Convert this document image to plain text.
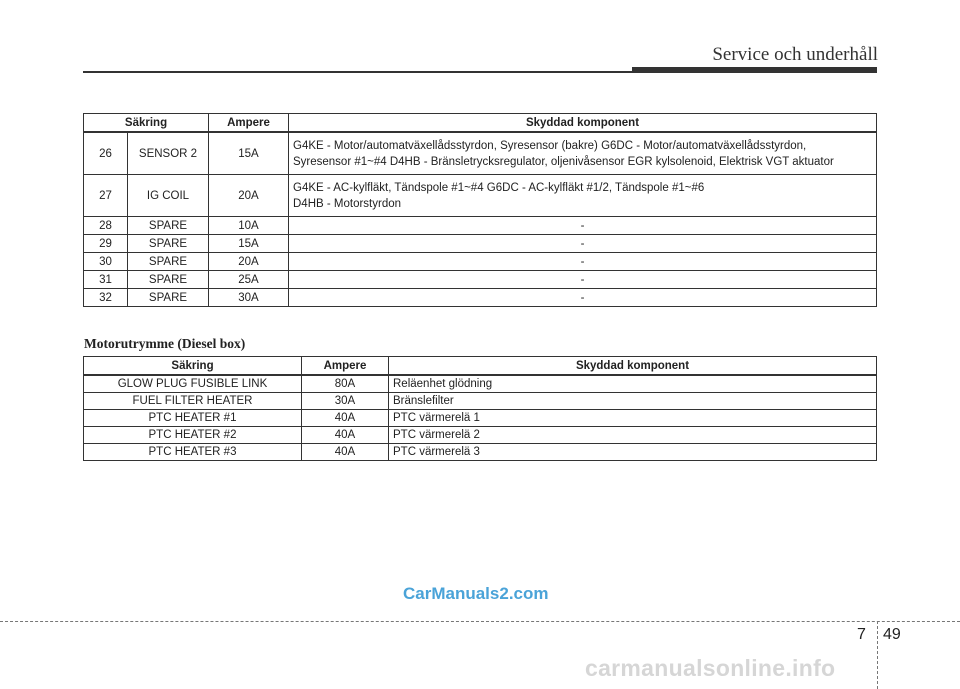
Service och underhåll
Säkring		Ampere	Skyddad komponent
26	SENSOR 2	15A	G4KE - Motor/automatväxellådsstyrdon, Syresensor (bakre) G6DC - Motor/automatväxellådsstyrdon,
Syresensor #1~#4 D4HB - Bränsletrycksregulator, oljenivåsensor EGR kylsolenoid, Elektrisk VGT aktuator

27	IG COIL	20A	G4KE - AC-kylfläkt, Tändspole #1~#4 G6DC - AC-kylfläkt #1/2, Tändspole #1~#6
D4HB - Motorstyrdon

28	SPARE	10A	-
29	SPARE	15A	-
30	SPARE	20A	-
31	SPARE	25A	-
32	SPARE	30A	-
Motorutrymme (Diesel box)
Säkring	Ampere	Skyddad komponent
GLOW PLUG FUSIBLE LINK	80A	Reläenhet glödning
FUEL FILTER HEATER	30A	Bränslefilter
PTC HEATER #1	40A	PTC värmerelä 1
PTC HEATER #2	40A	PTC värmerelä 2
PTC HEATER #3	40A	PTC värmerelä 3
CarManuals2.com
7 49
carmanualsonline.info
